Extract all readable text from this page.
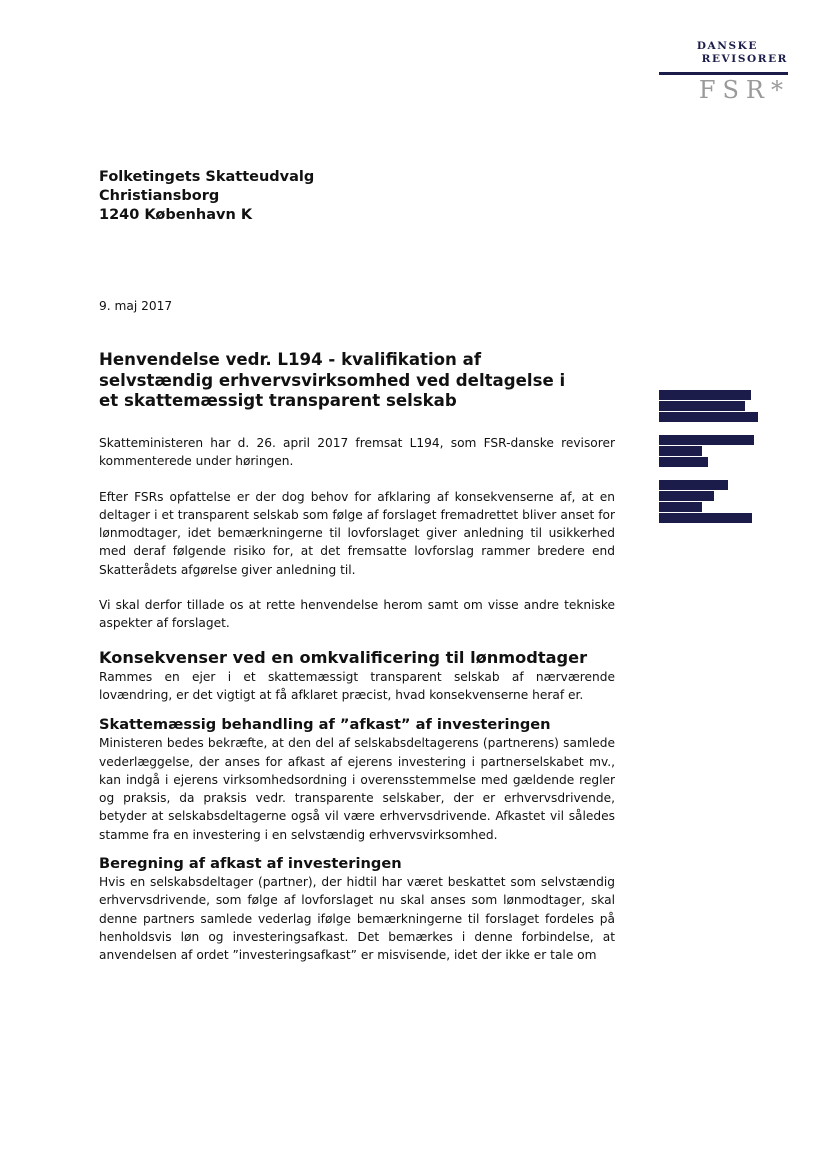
DANSKE
REVISORER
FSR*
Folketingets Skatteudvalg
Christiansborg
1240 København K
9. maj 2017
Henvendelse vedr. L194 - kvalifikation af
selvstændig erhvervsvirksomhed ved deltagelse i
et skattemæssigt transparent selskab

Skatteministeren har d. 26. april 2017 fremsat L194, som FSR-danske revisorer kommenterede under høringen.

Efter FSRs opfattelse er der dog behov for afklaring af konsekvenserne af, at en deltager i et transparent selskab som følge af forslaget fremadrettet bliver anset for lønmodtager, idet bemærkningerne til lovforslaget giver anledning til usikkerhed med deraf følgende risiko for, at det fremsatte lovforslag rammer bredere end Skatterådets afgørelse giver anledning til.

Vi skal derfor tillade os at rette henvendelse herom samt om visse andre tekniske aspekter af forslaget.

Konsekvenser ved en omkvalificering til lønmodtager

Rammes en ejer i et skattemæssigt transparent selskab af nærværende lovændring, er det vigtigt at få afklaret præcist, hvad konsekvenserne heraf er.

Skattemæssig behandling af ”afkast” af investeringen

Ministeren bedes bekræfte, at den del af selskabsdeltagerens (partnerens) samlede vederlæggelse, der anses for afkast af ejerens investering i partnerselskabet mv., kan indgå i ejerens virksomhedsordning i overensstemmelse med gældende regler og praksis, da praksis vedr. transparente selskaber, der er erhvervsdrivende, betyder at selskabsdeltagerne også vil være erhvervsdrivende. Afkastet vil således stamme fra en investering i en selvstændig erhvervsvirksomhed.

Beregning af afkast af investeringen

Hvis en selskabsdeltager (partner), der hidtil har været beskattet som selvstændig erhvervsdrivende, som følge af lovforslaget nu skal anses som lønmodtager, skal denne partners samlede vederlag ifølge bemærkningerne til forslaget fordeles på henholdsvis løn og investeringsafkast. Det bemærkes i denne forbindelse, at anvendelsen af ordet ”investeringsafkast” er misvisende, idet der ikke er tale om
